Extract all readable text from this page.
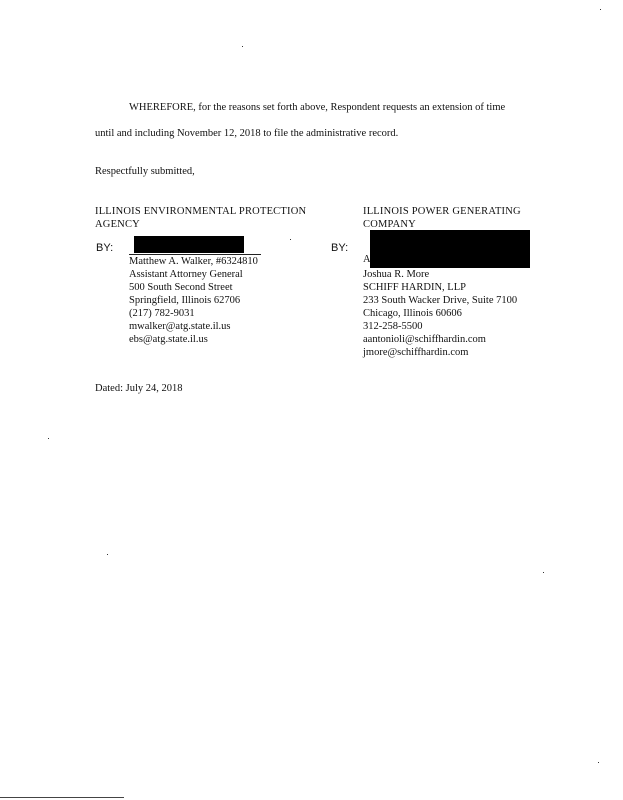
WHEREFORE, for the reasons set forth above, Respondent requests an extension of time
until and including November 12, 2018 to file the administrative record.
Respectfully submitted,
ILLINOIS ENVIRONMENTAL PROTECTION
AGENCY
BY:
Matthew A. Walker, #6324810
Assistant Attorney General
500 South Second Street
Springfield, Illinois 62706
(217) 782-9031
mwalker@atg.state.il.us
ebs@atg.state.il.us
ILLINOIS POWER GENERATING
COMPANY
BY:
A
Joshua R. More
SCHIFF HARDIN, LLP
233 South Wacker Drive, Suite 7100
Chicago, Illinois 60606
312-258-5500
aantonioli@schiffhardin.com
jmore@schiffhardin.com
Dated: July 24, 2018
